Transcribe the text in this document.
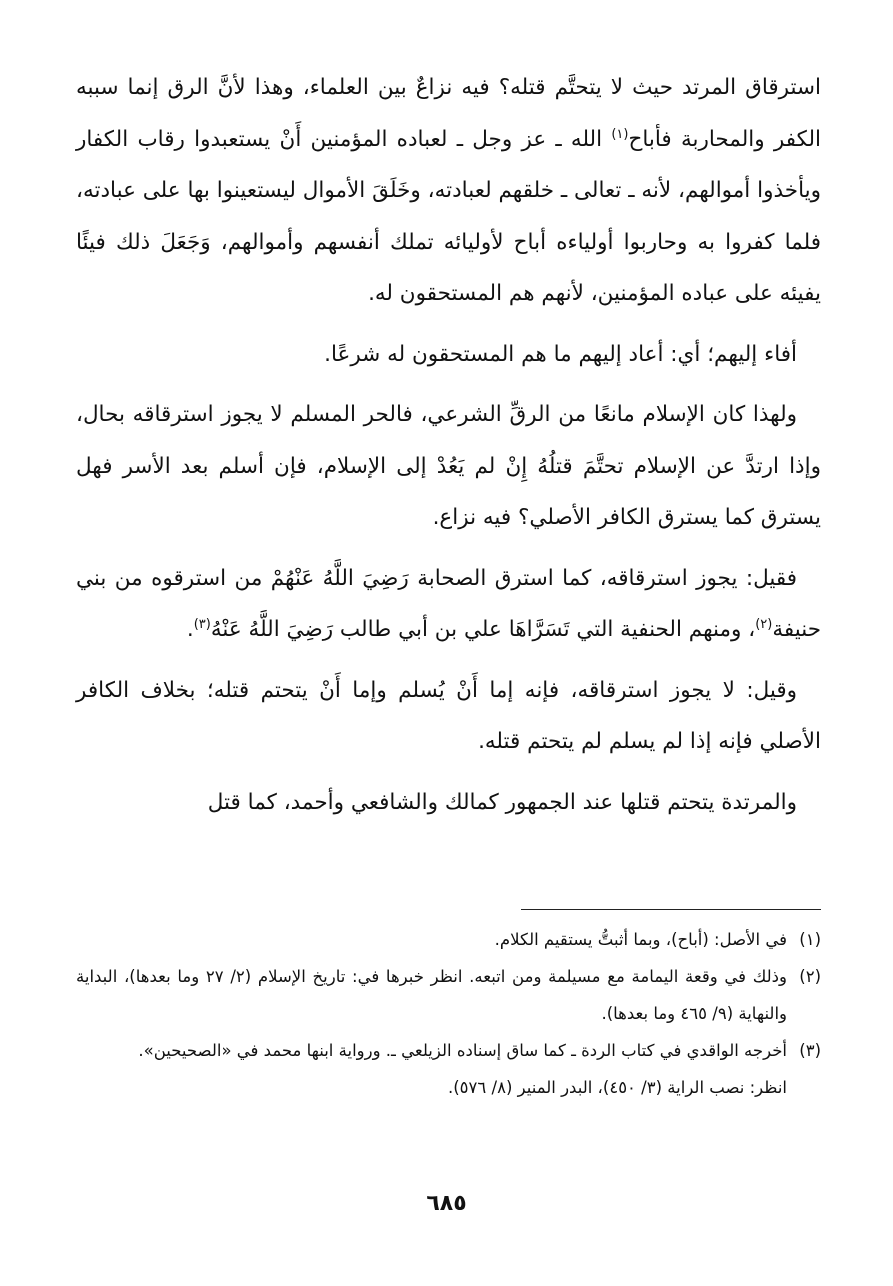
استرقاق المرتد حيث لا يتحتَّم قتله؟ فيه نزاعٌ بين العلماء، وهذا لأنَّ الرق إنما سببه الكفر والمحاربة فأباح$^{(١)}$ الله ـ عز وجل ـ لعباده المؤمنين أَنْ يستعبدوا رقاب الكفار ويأخذوا أموالهم، لأنه ـ تعالى ـ خلقهم لعبادته، وخَلَقَ الأموال ليستعينوا بها على عبادته، فلما كفروا به وحاربوا أولياءه أباح لأوليائه تملك أنفسهم وأموالهم، وَجَعَلَ ذلك فيئًا يفيئه على عباده المؤمنين، لأنهم هم المستحقون له.

أفاء إليهم؛ أي: أعاد إليهم ما هم المستحقون له شرعًا.

ولهذا كان الإسلام مانعًا من الرقِّ الشرعي، فالحر المسلم لا يجوز استرقاقه بحال، وإذا ارتدَّ عن الإسلام تحتَّمَ قتلُهُ إِنْ لم يَعُدْ إلى الإسلام، فإن أسلم بعد الأسر فهل يسترق كما يسترق الكافر الأصلي؟ فيه نزاع.

فقيل: يجوز استرقاقه، كما استرق الصحابة رَضِيَ اللَّهُ عَنْهُمْ من استرقوه من بني حنيفة$^{(٢)}$، ومنهم الحنفية التي تَسَرَّاهَا علي بن أبي طالب رَضِيَ اللَّهُ عَنْهُ$^{(٣)}$.

وقيل: لا يجوز استرقاقه، فإنه إما أَنْ يُسلم وإما أَنْ يتحتم قتله؛ بخلاف الكافر الأصلي فإنه إذا لم يسلم لم يتحتم قتله.

والمرتدة يتحتم قتلها عند الجمهور كمالك والشافعي وأحمد، كما قتل

(١)
في الأصل: (أباح)، وبما أثبتُّ يستقيم الكلام.
(٢)
وذلك في وقعة اليمامة مع مسيلمة ومن اتبعه. انظر خبرها في: تاريخ الإسلام (٢/ ٢٧ وما بعدها)، البداية والنهاية (٩/ ٤٦٥ وما بعدها).
(٣)
أخرجه الواقدي في كتاب الردة ـ كما ساق إسناده الزيلعي ـ. ورواية ابنها محمد في «الصحيحين».

انظر: نصب الراية (٣/ ٤٥٠)، البدر المنير (٨/ ٥٧٦).

٦٨٥
